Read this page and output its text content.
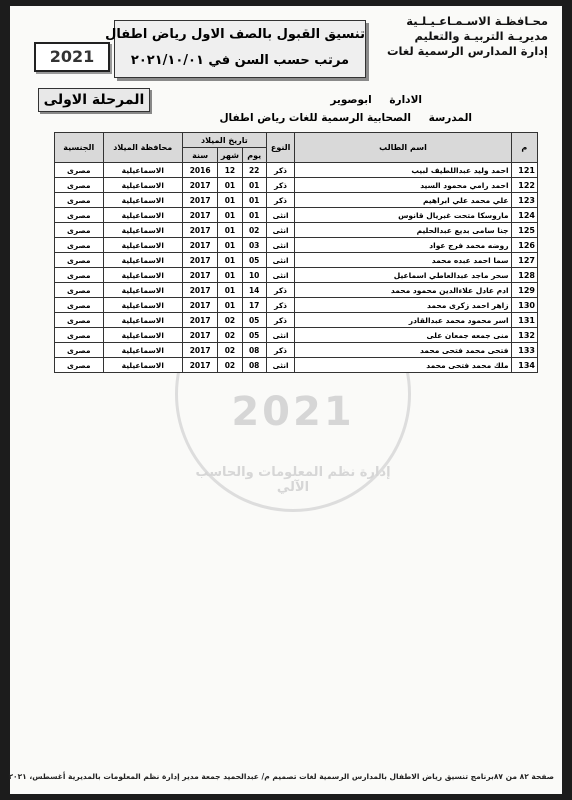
محـافظـة الاسـمـاعـيـلـية
مديريـة التربيـة والتعليم
إدارة المدارس الرسمية لغات
تنسيق القبول بالصف الاول رياض اطفال
مرتب حسب السن في ٢٠٢١/١٠/٠١
2021
المرحلة الاولى	الادارة ابوصوير
المدرسة الصحابية الرسمية للغات رياض اطفال
2021
إدارة نظم المعلومات والحاسب الآلي
م	اسم الطالب	النوع	تاريخ الميلاد			محافظة الميلاد	الجنسية
			يوم	شهر	سنة		
121	احمد وليد عبداللطيف لبيب	ذكر	22	12	2016	الاسماعيلية	مصرى
122	احمد رامي محمود السيد	ذكر	01	01	2017	الاسماعيلية	مصرى
123	علي محمد علي ابراهيم	ذكر	01	01	2017	الاسماعيلية	مصرى
124	ماروسكا متحت غبريال قانوس	انثى	01	01	2017	الاسماعيلية	مصرى
125	جنا سامى بديع عبدالحليم	انثى	02	01	2017	الاسماعيلية	مصرى
126	روضه محمد فرج عواد	انثى	03	01	2017	الاسماعيلية	مصرى
127	سما احمد عبده محمد	انثى	05	01	2017	الاسماعيلية	مصرى
128	سحر ماجد عبدالعاطي اسماعيل	انثى	10	01	2017	الاسماعيلية	مصرى
129	ادم عادل علاءالدين محمود محمد	ذكر	14	01	2017	الاسماعيلية	مصرى
130	زاهر احمد زكرى محمد	ذكر	17	01	2017	الاسماعيلية	مصرى
131	اسر محمود محمد عبدالقادر	ذكر	05	02	2017	الاسماعيلية	مصرى
132	منى جمعه جمعان على	انثى	05	02	2017	الاسماعيلية	مصرى
133	فتحى محمد فتحى محمد	ذكر	08	02	2017	الاسماعيلية	مصرى
134	ملك محمد فتحى محمد	انثى	08	02	2017	الاسماعيلية	مصرى
صفحة ٨٢ من ٨٧برنامج تنسيق رياض الاطفال بالمدارس الرسمية لغات تصميم م/ عبدالحميد جمعة مدير إدارة نظم المعلومات بالمديرية أغسطس، ٢٠٢١
